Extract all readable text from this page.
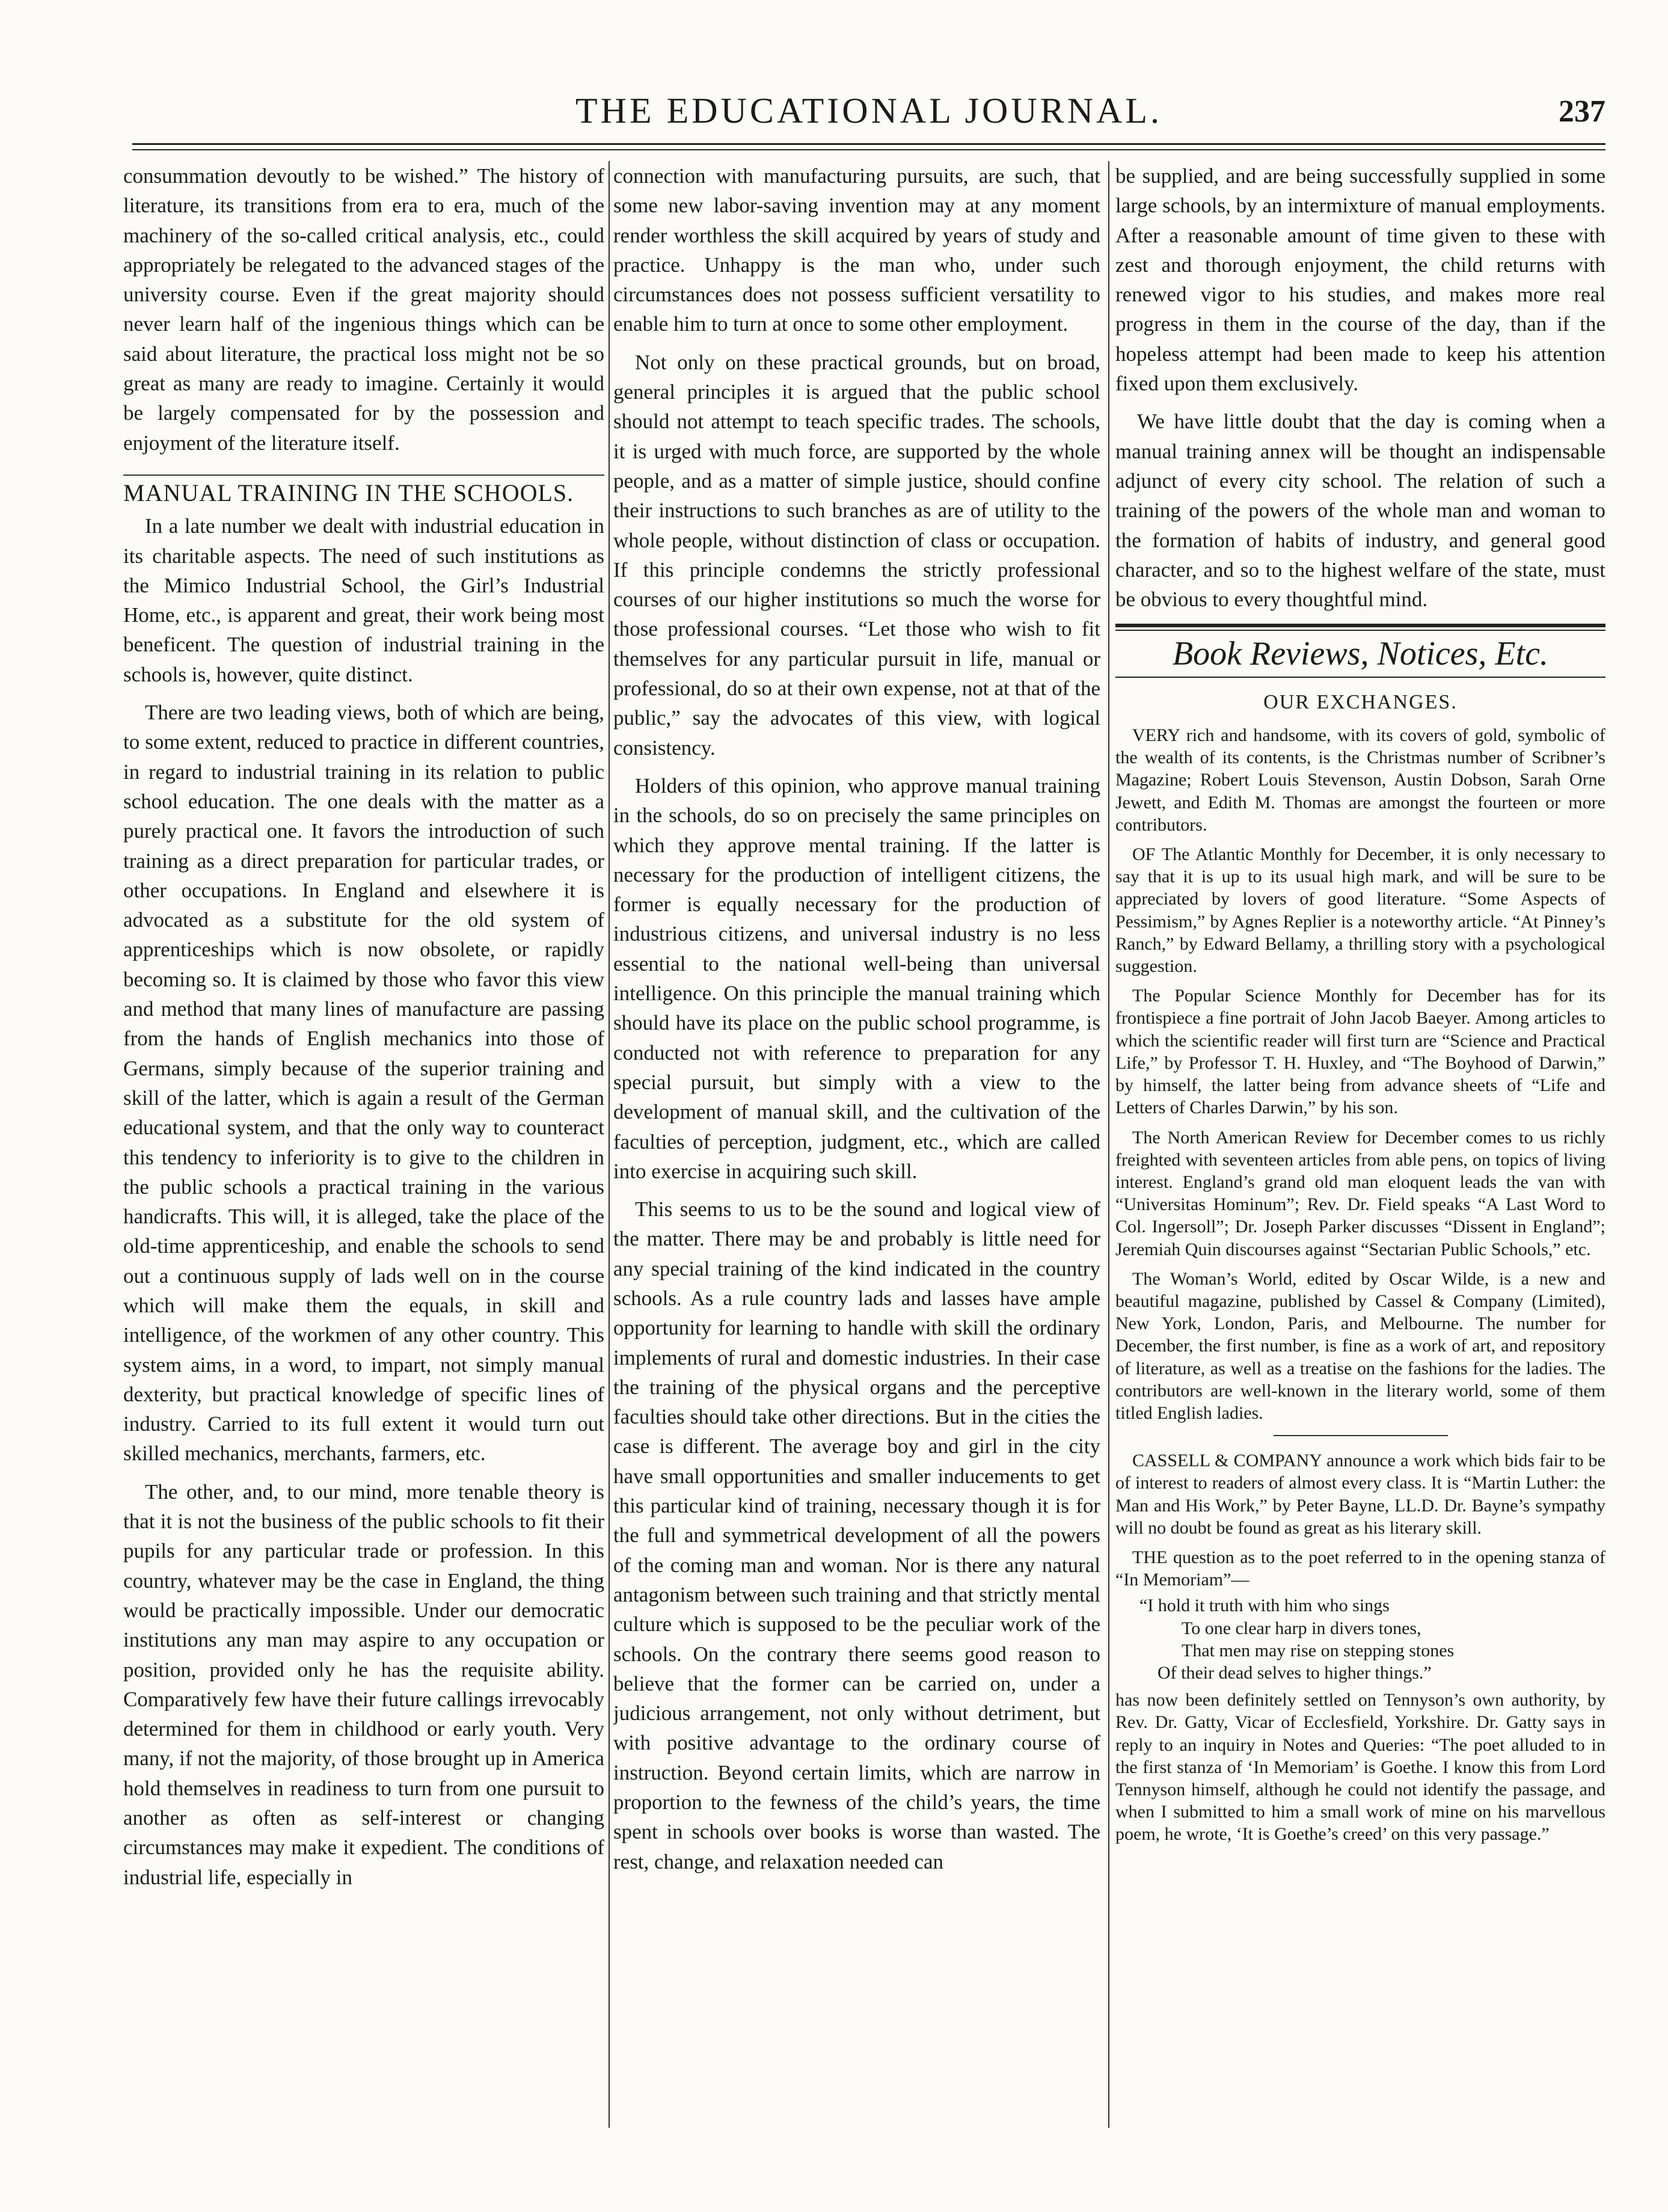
THE EDUCATIONAL JOURNAL.	237

consummation devoutly to be wished.” The history of literature, its transitions from era to era, much of the machinery of the so-called critical analysis, etc., could appropriately be relegated to the advanced stages of the university course. Even if the great majority should never learn half of the ingenious things which can be said about literature, the practical loss might not be so great as many are ready to imagine. Certainly it would be largely compensated for by the possession and enjoyment of the literature itself.

MANUAL TRAINING IN THE SCHOOLS.

In a late number we dealt with industrial education in its charitable aspects. The need of such institutions as the Mimico Industrial School, the Girl’s Industrial Home, etc., is apparent and great, their work being most beneficent. The question of industrial training in the schools is, however, quite distinct.

There are two leading views, both of which are being, to some extent, reduced to practice in different countries, in regard to industrial training in its relation to public school education. The one deals with the matter as a purely practical one. It favors the introduction of such training as a direct preparation for particular trades, or other occupations. In England and elsewhere it is advocated as a substitute for the old system of apprenticeships which is now obsolete, or rapidly becoming so. It is claimed by those who favor this view and method that many lines of manufacture are passing from the hands of English mechanics into those of Germans, simply because of the superior training and skill of the latter, which is again a result of the German educational system, and that the only way to counteract this tendency to inferiority is to give to the children in the public schools a practical training in the various handicrafts. This will, it is alleged, take the place of the old-time apprenticeship, and enable the schools to send out a continuous supply of lads well on in the course which will make them the equals, in skill and intelligence, of the workmen of any other country. This system aims, in a word, to impart, not simply manual dexterity, but practical knowledge of specific lines of industry. Carried to its full extent it would turn out skilled mechanics, merchants, farmers, etc.

The other, and, to our mind, more tenable theory is that it is not the business of the public schools to fit their pupils for any particular trade or profession. In this country, whatever may be the case in England, the thing would be practically impossible. Under our democratic institutions any man may aspire to any occupation or position, provided only he has the requisite ability. Comparatively few have their future callings irrevocably determined for them in childhood or early youth. Very many, if not the majority, of those brought up in America hold themselves in readiness to turn from one pursuit to another as often as self-interest or changing circumstances may make it expedient. The conditions of industrial life, especially in

connection with manufacturing pursuits, are such, that some new labor-saving invention may at any moment render worthless the skill acquired by years of study and practice. Unhappy is the man who, under such circumstances does not possess sufficient versatility to enable him to turn at once to some other employment.

Not only on these practical grounds, but on broad, general principles it is argued that the public school should not attempt to teach specific trades. The schools, it is urged with much force, are supported by the whole people, and as a matter of simple justice, should confine their instructions to such branches as are of utility to the whole people, without distinction of class or occupation. If this principle condemns the strictly professional courses of our higher institutions so much the worse for those professional courses. “Let those who wish to fit themselves for any particular pursuit in life, manual or professional, do so at their own expense, not at that of the public,” say the advocates of this view, with logical consistency.

Holders of this opinion, who approve manual training in the schools, do so on precisely the same principles on which they approve mental training. If the latter is necessary for the production of intelligent citizens, the former is equally necessary for the production of industrious citizens, and universal industry is no less essential to the national well-being than universal intelligence. On this principle the manual training which should have its place on the public school programme, is conducted not with reference to preparation for any special pursuit, but simply with a view to the development of manual skill, and the cultivation of the faculties of perception, judgment, etc., which are called into exercise in acquiring such skill.

This seems to us to be the sound and logical view of the matter. There may be and probably is little need for any special training of the kind indicated in the country schools. As a rule country lads and lasses have ample opportunity for learning to handle with skill the ordinary implements of rural and domestic industries. In their case the training of the physical organs and the perceptive faculties should take other directions. But in the cities the case is different. The average boy and girl in the city have small opportunities and smaller inducements to get this particular kind of training, necessary though it is for the full and symmetrical development of all the powers of the coming man and woman. Nor is there any natural antagonism between such training and that strictly mental culture which is supposed to be the peculiar work of the schools. On the contrary there seems good reason to believe that the former can be carried on, under a judicious arrangement, not only without detriment, but with positive advantage to the ordinary course of instruction. Beyond certain limits, which are narrow in proportion to the fewness of the child’s years, the time spent in schools over books is worse than wasted. The rest, change, and relaxation needed can

be supplied, and are being successfully supplied in some large schools, by an intermixture of manual employments. After a reasonable amount of time given to these with zest and thorough enjoyment, the child returns with renewed vigor to his studies, and makes more real progress in them in the course of the day, than if the hopeless attempt had been made to keep his attention fixed upon them exclusively.

We have little doubt that the day is coming when a manual training annex will be thought an indispensable adjunct of every city school. The relation of such a training of the powers of the whole man and woman to the formation of habits of industry, and general good character, and so to the highest welfare of the state, must be obvious to every thoughtful mind.

Book Reviews, Notices, Etc.
OUR EXCHANGES.

VERY rich and handsome, with its covers of gold, symbolic of the wealth of its contents, is the Christmas number of Scribner’s Magazine; Robert Louis Stevenson, Austin Dobson, Sarah Orne Jewett, and Edith M. Thomas are amongst the fourteen or more contributors.

OF The Atlantic Monthly for December, it is only necessary to say that it is up to its usual high mark, and will be sure to be appreciated by lovers of good literature. “Some Aspects of Pessimism,” by Agnes Replier is a noteworthy article. “At Pinney’s Ranch,” by Edward Bellamy, a thrilling story with a psychological suggestion.

The Popular Science Monthly for December has for its frontispiece a fine portrait of John Jacob Baeyer. Among articles to which the scientific reader will first turn are “Science and Practical Life,” by Professor T. H. Huxley, and “The Boyhood of Darwin,” by himself, the latter being from advance sheets of “Life and Letters of Charles Darwin,” by his son.

The North American Review for December comes to us richly freighted with seventeen articles from able pens, on topics of living interest. England’s grand old man eloquent leads the van with “Universitas Hominum”; Rev. Dr. Field speaks “A Last Word to Col. Ingersoll”; Dr. Joseph Parker discusses “Dissent in England”; Jeremiah Quin discourses against “Sectarian Public Schools,” etc.

The Woman’s World, edited by Oscar Wilde, is a new and beautiful magazine, published by Cassel & Company (Limited), New York, London, Paris, and Melbourne. The number for December, the first number, is fine as a work of art, and repository of literature, as well as a treatise on the fashions for the ladies. The contributors are well-known in the literary world, some of them titled English ladies.

CASSELL & COMPANY announce a work which bids fair to be of interest to readers of almost every class. It is “Martin Luther: the Man and His Work,” by Peter Bayne, LL.D. Dr. Bayne’s sympathy will no doubt be found as great as his literary skill.

THE question as to the poet referred to in the opening stanza of “In Memoriam”—

“I hold it truth with him who sings
To one clear harp in divers tones,
That men may rise on stepping stones
Of their dead selves to higher things.”

has now been definitely settled on Tennyson’s own authority, by Rev. Dr. Gatty, Vicar of Ecclesfield, Yorkshire. Dr. Gatty says in reply to an inquiry in Notes and Queries: “The poet alluded to in the first stanza of ‘In Memoriam’ is Goethe. I know this from Lord Tennyson himself, although he could not identify the passage, and when I submitted to him a small work of mine on his marvellous poem, he wrote, ‘It is Goethe’s creed’ on this very passage.”
